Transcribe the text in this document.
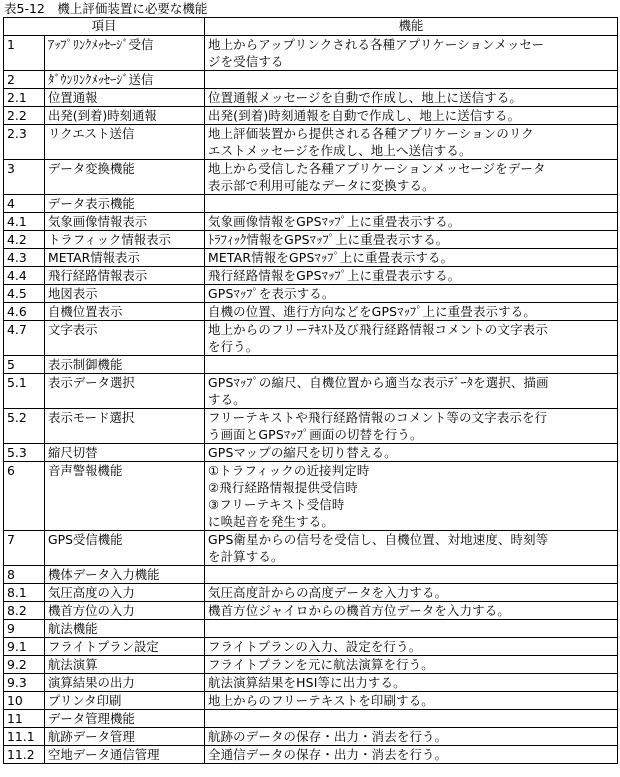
表5-12　機上評価装置に必要な機能
項目		機能
1	ｱｯﾌﾟﾘﾝｸﾒｯｾｰｼﾞ受信	地上からアップリンクされる各種アプリケーションメッセー
ジを受信する
2	ﾀﾞｳﾝﾘﾝｸﾒｯｾｰｼﾞ送信	
2.1	位置通報	位置通報メッセージを自動で作成し、地上に送信する。
2.2	出発(到着)時刻通報	出発(到着)時刻通報を自動で作成し、地上に送信する。
2.3	リクエスト送信	地上評価装置から提供される各種アプリケーションのリク
エストメッセージを作成し、地上へ送信する。
3	データ変換機能	地上から受信した各種アプリケーションメッセージをデータ
表示部で利用可能なデータに変換する。
4	データ表示機能	
4.1	気象画像情報表示	気象画像情報をGPSﾏｯﾌﾟ上に重畳表示する。
4.2	トラフィック情報表示	ﾄﾗﾌｨｯｸ情報をGPSﾏｯﾌﾟ上に重畳表示する。
4.3	METAR情報表示	METAR情報をGPSﾏｯﾌﾟ上に重畳表示する。
4.4	飛行経路情報表示	飛行経路情報をGPSﾏｯﾌﾟ上に重畳表示する。
4.5	地図表示	GPSﾏｯﾌﾟを表示する。
4.6	自機位置表示	自機の位置、進行方向などをGPSﾏｯﾌﾟ上に重畳表示する。
4.7	文字表示	地上からのフリーﾃｷｽﾄ及び飛行経路情報コメントの文字表示
を行う。
5	表示制御機能	
5.1	表示データ選択	GPSﾏｯﾌﾟの縮尺、自機位置から適当な表示ﾃﾞｰﾀを選択、描画
する。
5.2	表示モード選択	フリーテキストや飛行経路情報のコメント等の文字表示を行
う画面とGPSﾏｯﾌﾟ画面の切替を行う。
5.3	縮尺切替	GPSマップの縮尺を切り替える。
6	音声警報機能	①トラフィックの近接判定時
②飛行経路情報提供受信時
③フリーテキスト受信時
に唤起音を発生する。
7	GPS受信機能	GPS衛星からの信号を受信し、自機位置、対地速度、時刻等
を計算する。
8	機体データ入力機能	
8.1	気圧高度の入力	気圧高度計からの高度データを入力する。
8.2	機首方位の入力	機首方位ジャイロからの機首方位データを入力する。
9	航法機能	
9.1	フライトプラン設定	フライトプランの入力、設定を行う。
9.2	航法演算	フライトプランを元に航法演算を行う。
9.3	演算結果の出力	航法演算結果をHSI等に出力する。
10	プリンタ印刷	地上からのフリーテキストを印刷する。
11	データ管理機能	
11.1	航跡データ管理	航跡のデータの保存・出力・消去を行う。
11.2	空地データ通信管理	全通信データの保存・出力・消去を行う。
